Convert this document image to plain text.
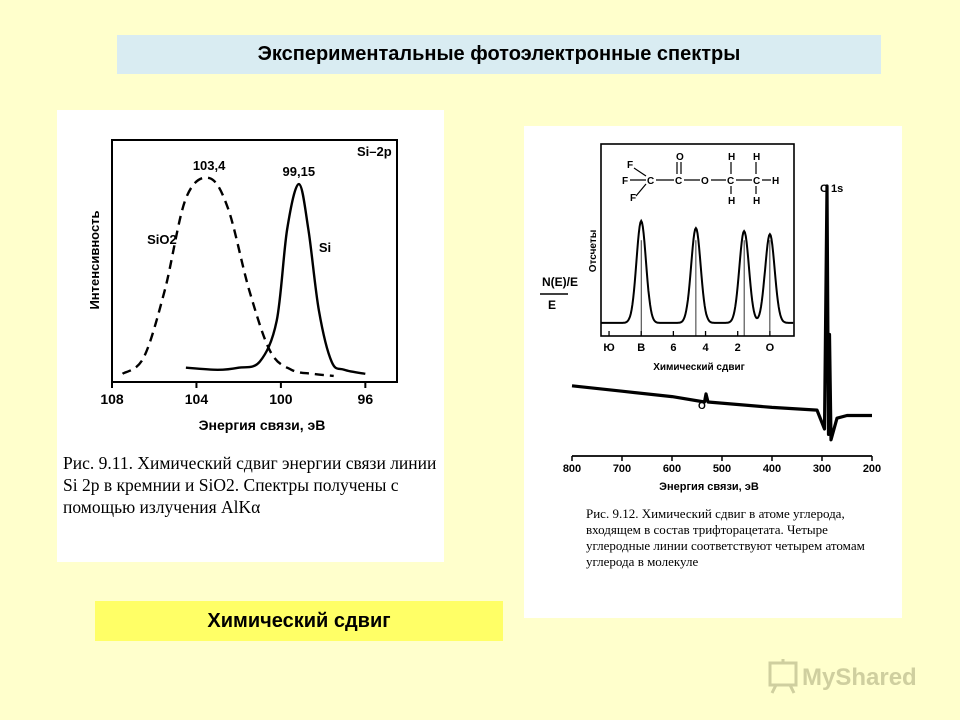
Экспериментальные фотоэлектронные спектры
Интенсивность
Энергия связи, эВ
Si–2p
108	104	100	96
103,4
SiO2
99,15
Si
Рис. 9.11. Химический сдвиг энергии связи линии Si 2p в кремнии и SiO2. Спектры получены с помощью излучения AlKα
F
F
F
C C
O
O C C
H H
H H
H
N(E)/E
Отсчеты
Химический сдвиг
Энергия связи, эВ
O
C 1s
E
800	700	600	500	400	300	200
Ю В 6 4 2 О
Рис. 9.12. Химический сдвиг в атоме углерода, входящем в состав трифторацетата. Четыре углеродные линии соответствуют четырем атомам углерода в молекуле
Химический сдвиг
MyShared
